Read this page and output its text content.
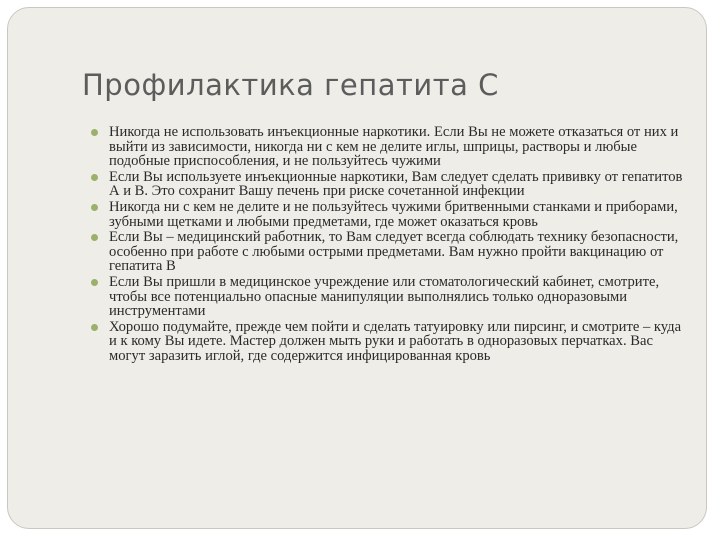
Профилактика гепатита С
Никогда не использовать инъекционные наркотики. Если Вы не можете отказаться от них и выйти из зависимости, никогда ни с кем не делите иглы, шприцы, растворы и любые подобные приспособления, и не пользуйтесь чужими
Если Вы используете инъекционные наркотики, Вам следует сделать прививку от гепатитов А и В. Это сохранит Вашу печень при риске сочетанной инфекции
Никогда ни с кем не делите и не пользуйтесь чужими бритвенными станками и приборами, зубными щетками и любыми предметами, где может оказаться кровь
Если Вы – медицинский работник, то Вам следует всегда соблюдать технику безопасности, особенно при работе с любыми острыми предметами. Вам нужно пройти вакцинацию от гепатита В
Если Вы пришли в медицинское учреждение или стоматологический кабинет, смотрите, чтобы все потенциально опасные манипуляции выполнялись только одноразовыми инструментами
Хорошо подумайте, прежде чем пойти и сделать татуировку или пирсинг, и смотрите – куда и к кому Вы идете. Мастер должен мыть руки и работать в одноразовых перчатках. Вас могут заразить иглой, где содержится инфицированная кровь
